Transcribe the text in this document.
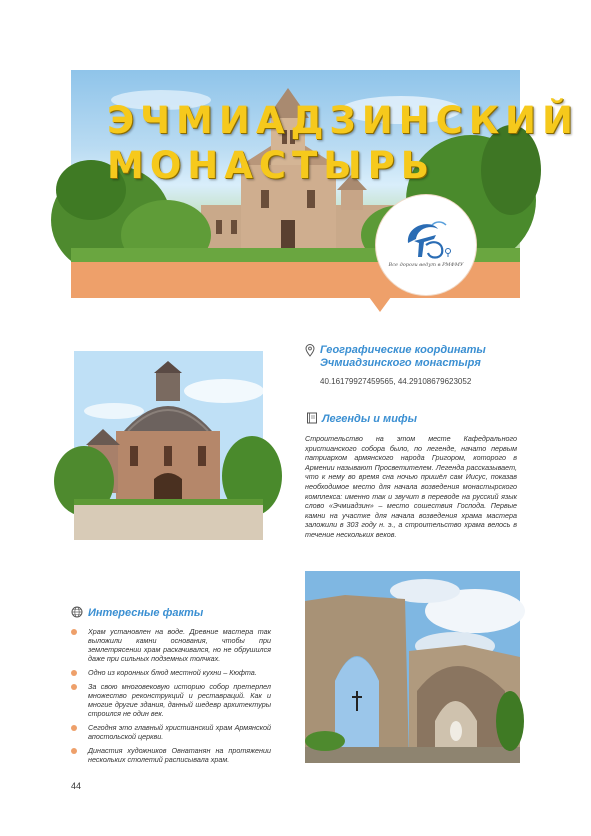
ЭЧМИАДЗИНСКИЙ
МОНАСТЫРЬ
Все дороги ведут в РМФМУ
Географические координаты
Эчмиадзинского монастыря
40.16179927459565, 44.29108679623052
Легенды и мифы

Строительство на этом месте Кафедрального христианского собора было, по легенде, начато первым патриархом армянского народа Григором, которого в Армении называют Просветителем. Легенда рассказывает, что к нему во время сна ночью пришёл сам Иисус, показав необходимое место для начала возведения монастырского комплекса: именно так и звучит в переводе на русский язык слово «Эчмиадзин» – место сошествия Господа. Первые камни на участке для начала возведения храма мастера заложили в 303 году н. э., а строительство храма велось в течение нескольких веков.

Интересные факты
Храм установлен на воде. Древние мастера так выложили камни основания, чтобы при землетрясении храм раскачивался, но не обрушился даже при сильных подземных толчках.
Одно из коронных блюд местной кухни – Кюфта.
За свою многовековую историю собор претерпел множество реконструкций и реставраций. Как и многие другие здания, данный шедевр архитектуры строился не один век.
Сегодня это главный христианский храм Армянской апостольской церкви.
Династия художников Овнатанян на протяжении нескольких столетий расписывала храм.
44
